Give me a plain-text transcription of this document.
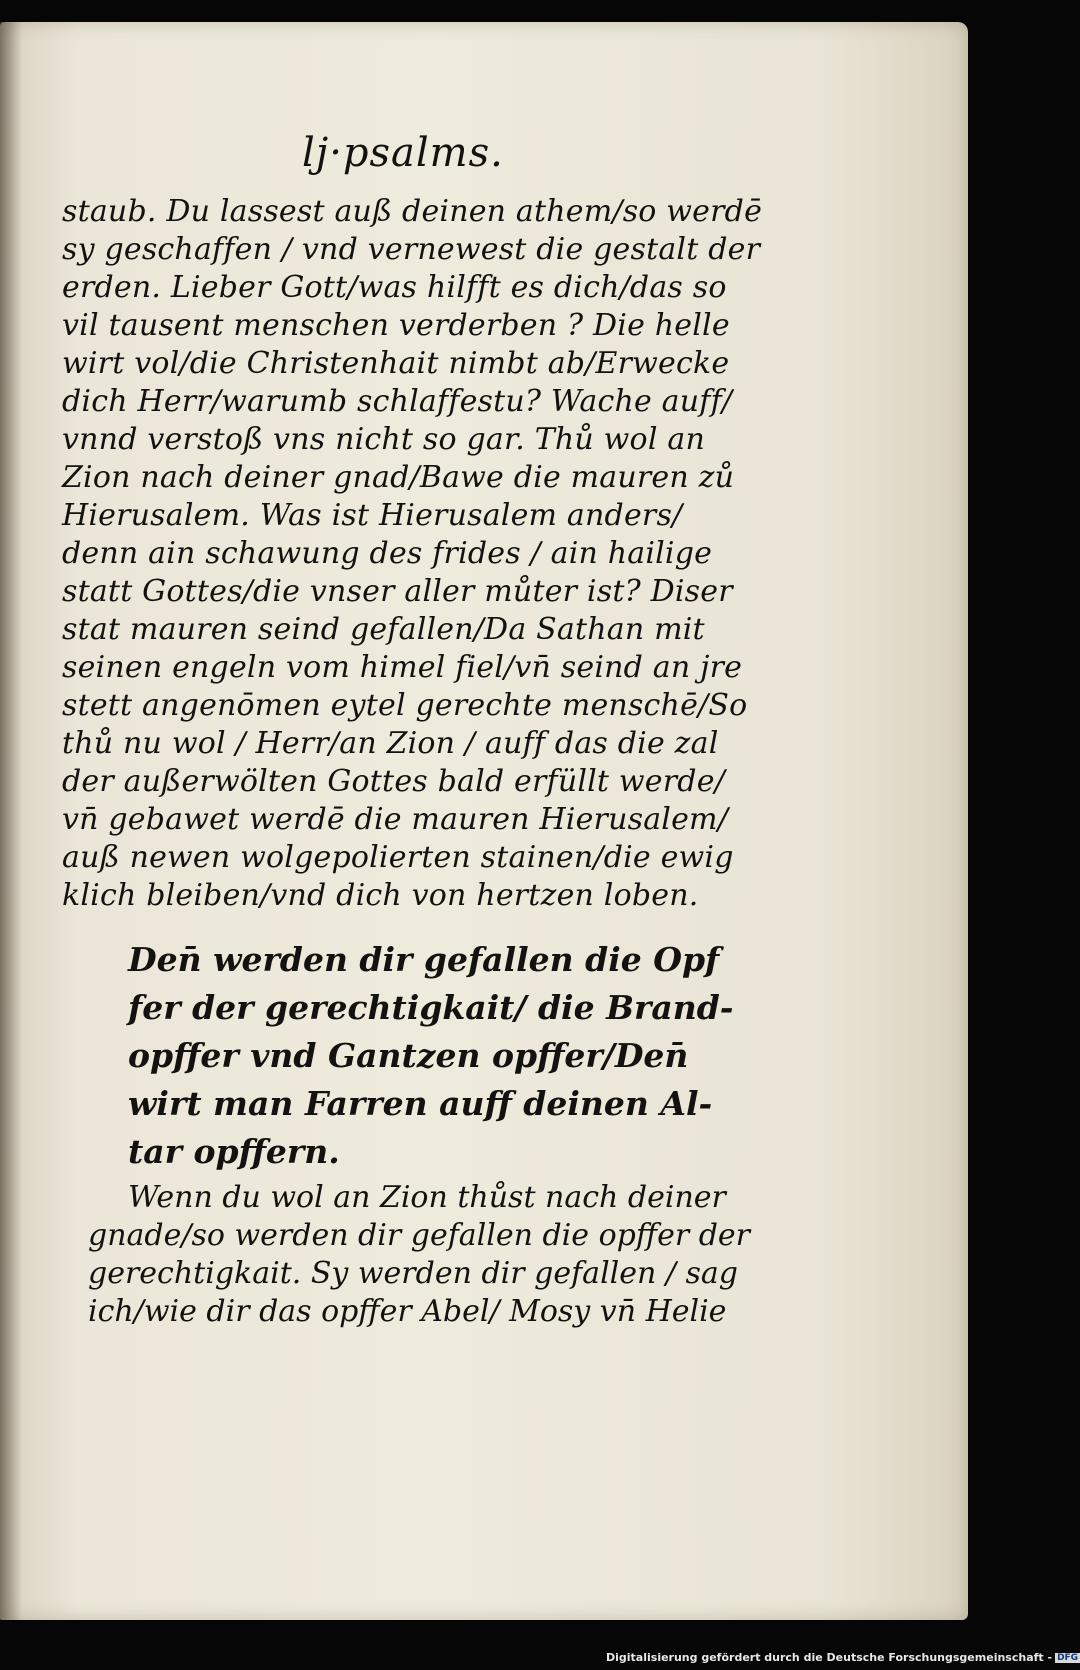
lj·psalms.
staub. Du lassest auß deinen athem/so werdē
sy geschaffen / vnd vernewest die gestalt der
erden. Lieber Gott/was hilfft es dich/das so
vil tausent menschen verderben ? Die helle
wirt vol/die Christenhait nimbt ab/Erwecke
dich Herr/warumb schlaffestu? Wache auff/
vnnd verstoß vns nicht so gar. Thů wol an
Zion nach deiner gnad/Bawe die mauren zů
Hierusalem. Was ist Hierusalem anders/
denn ain schawung des frides / ain hailige
statt Gottes/die vnser aller můter ist? Diser
stat mauren seind gefallen/Da Sathan mit
seinen engeln vom himel fiel/vn̄ seind an jre
stett angenōmen eytel gerechte menschē/So
thů nu wol / Herr/an Zion / auff das die zal
der außerwölten Gottes bald erfüllt werde/
vn̄ gebawet werdē die mauren Hierusalem/
auß newen wolgepolierten stainen/die ewig
klich bleiben/vnd dich von hertzen loben.
Den̄ werden dir gefallen die Opf
fer der gerechtigkait/ die Brand-
opffer vnd Gantzen opffer/Den̄
wirt man Farren auff deinen Al-
tar opffern.
Wenn du wol an Zion thůst nach deiner
gnade/so werden dir gefallen die opffer der
gerechtigkait. Sy werden dir gefallen / sag
ich/wie dir das opffer Abel/ Mosy vn̄ Helie
Digitalisierung gefördert durch die Deutsche Forschungsgemeinschaft - DFG
